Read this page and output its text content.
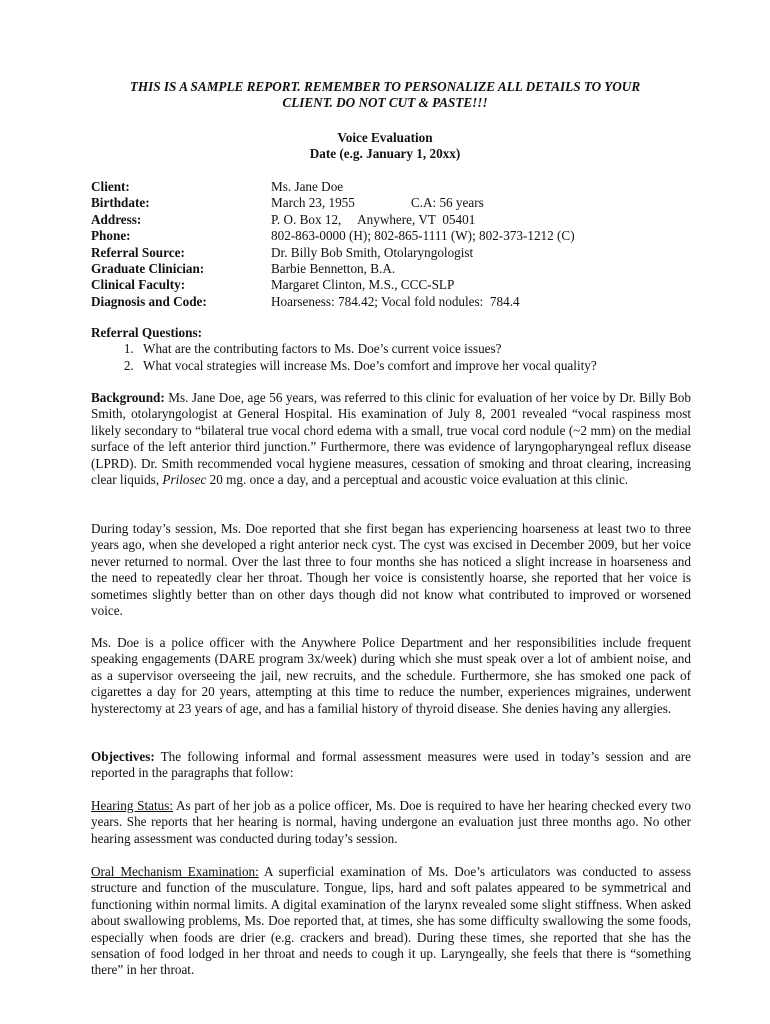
THIS IS A SAMPLE REPORT. REMEMBER TO PERSONALIZE ALL DETAILS TO YOUR
CLIENT. DO NOT CUT & PASTE!!!
Voice Evaluation
Date (e.g. January 1, 20xx)
Client:	Ms. Jane Doe
Birthdate:	March 23, 1955	C.A: 56 years
Address:	P. O. Box 12,     Anywhere, VT  05401
Phone:	802-863-0000 (H); 802-865-1111 (W); 802-373-1212 (C)
Referral Source:	Dr. Billy Bob Smith, Otolaryngologist
Graduate Clinician:	Barbie Bennetton, B.A.
Clinical Faculty:	Margaret Clinton, M.S., CCC-SLP
Diagnosis and Code:	Hoarseness: 784.42; Vocal fold nodules:  784.4
Referral Questions:
1. What are the contributing factors to Ms. Doe’s current voice issues?
2. What vocal strategies will increase Ms. Doe’s comfort and improve her vocal quality?

Background: Ms. Jane Doe, age 56 years, was referred to this clinic for evaluation of her voice by Dr. Billy Bob Smith, otolaryngologist at General Hospital. His examination of July 8, 2001 revealed “vocal raspiness most likely secondary to “bilateral true vocal chord edema with a small, true vocal cord nodule (~2 mm) on the medial surface of the left anterior third junction.” Furthermore, there was evidence of laryngopharyngeal reflux disease (LPRD). Dr. Smith recommended vocal hygiene measures, cessation of smoking and throat clearing, increasing clear liquids, Prilosec 20 mg. once a day, and a perceptual and acoustic voice evaluation at this clinic.

During today’s session, Ms. Doe reported that she first began has experiencing hoarseness at least two to three years ago, when she developed a right anterior neck cyst. The cyst was excised in December 2009, but her voice never returned to normal. Over the last three to four months she has noticed a slight increase in hoarseness and the need to repeatedly clear her throat. Though her voice is consistently hoarse, she reported that her voice is sometimes slightly better than on other days though did not know what contributed to improved or worsened voice.

Ms. Doe is a police officer with the Anywhere Police Department and her responsibilities include frequent speaking engagements (DARE program 3x/week) during which she must speak over a lot of ambient noise, and as a supervisor overseeing the jail, new recruits, and the schedule. Furthermore, she has smoked one pack of cigarettes a day for 20 years, attempting at this time to reduce the number, experiences migraines, underwent hysterectomy at 23 years of age, and has a familial history of thyroid disease. She denies having any allergies.

Objectives: The following informal and formal assessment measures were used in today’s session and are reported in the paragraphs that follow:

Hearing Status: As part of her job as a police officer, Ms. Doe is required to have her hearing checked every two years. She reports that her hearing is normal, having undergone an evaluation just three months ago. No other hearing assessment was conducted during today’s session.

Oral Mechanism Examination: A superficial examination of Ms. Doe’s articulators was conducted to assess structure and function of the musculature. Tongue, lips, hard and soft palates appeared to be symmetrical and functioning within normal limits. A digital examination of the larynx revealed some slight stiffness. When asked about swallowing problems, Ms. Doe reported that, at times, she has some difficulty swallowing the some foods, especially when foods are drier (e.g. crackers and bread). During these times, she reported that she has the sensation of food lodged in her throat and needs to cough it up. Laryngeally, she feels that there is “something there” in her throat.
